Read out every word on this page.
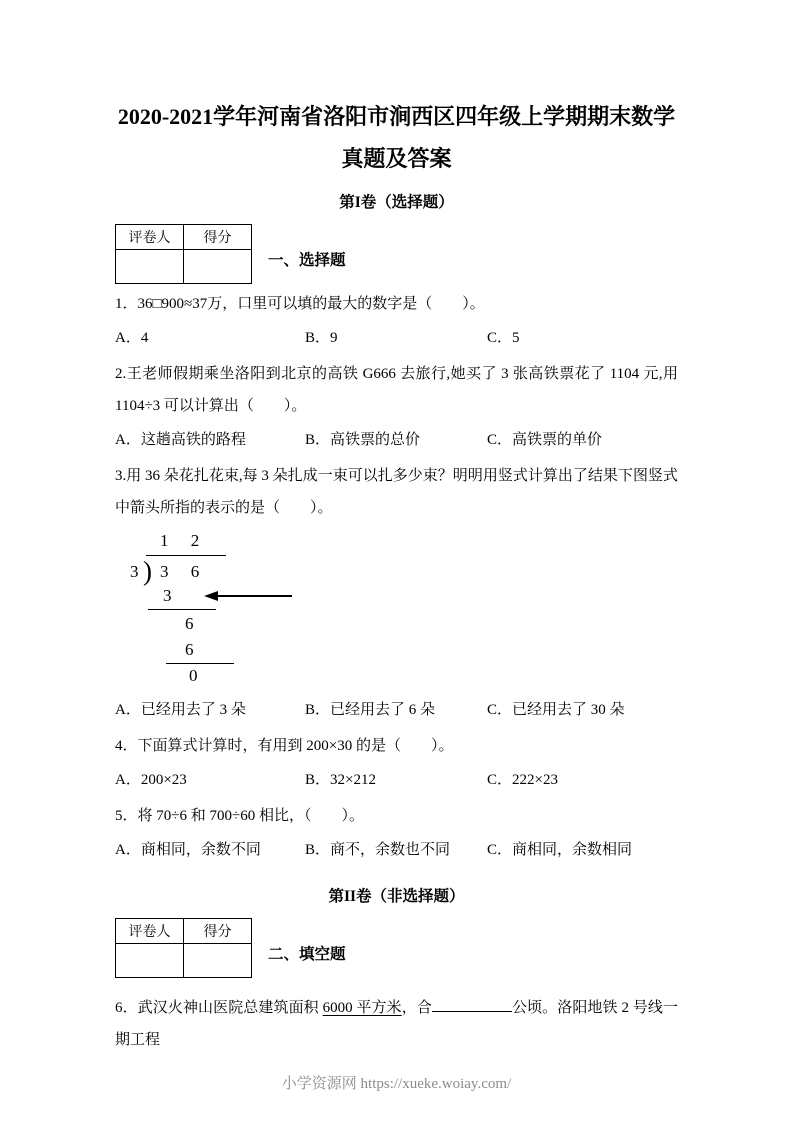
2020-2021学年河南省洛阳市涧西区四年级上学期期末数学
真题及答案
第I卷（选择题）
评卷人	得分

一、选择题

1．36□900≈37万，口里可以填的最大的数字是（　　）。

A．4	B．9	C．5

2.王老师假期乘坐洛阳到北京的高铁 G666 去旅行,她买了 3 张高铁票花了 1104 元,用 1104÷3 可以计算出（　　）。

A．这趟高铁的路程	B．高铁票的总价	C．高铁票的单价

3.用 36 朵花扎花束,每 3 朵扎成一束可以扎多少束？明明用竖式计算出了结果下图竖式中箭头所指的表示的是（　　）。

1 2
3 ) 3 6
3
6
6
0
A．已经用去了 3 朵	B．已经用去了 6 朵	C．已经用去了 30 朵

4．下面算式计算时，有用到 200×30 的是（　　）。

A．200×23	B．32×212	C．222×23

5．将 70÷6 和 700÷60 相比，（　　）。

A．商相同，余数不同	B．商不，余数也不同	C．商相同，余数相同
第II卷（非选择题）
评卷人	得分

二、填空题

6．武汉火神山医院总建筑面积 6000 平方米，合	公顷。洛阳地铁 2 号线一期工程

小学资源网 https://xueke.woiay.com/
